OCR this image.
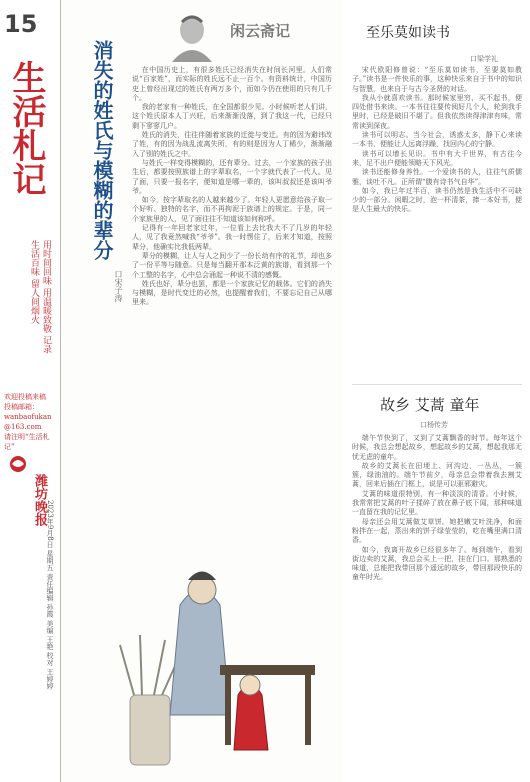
15
生活札记
用时间回味 用温暖致敬 记录生活百味 留人间烟火
欢迎投稿来稿
投稿邮箱：
wanbaofukan@163.com
请注明“生活札记”
潍坊晚报 2023年9月8日 星期五 责任编辑 孙霞 美编 王艳 校对 王婷婷
闲云斋记
消失的姓氏与模糊的辈分
口宋子涛

在中国历史上，有很多姓氏已经消失在时间长河里。人们常说“百家姓”，而实际的姓氏远不止一百个。有资料统计，中国历史上曾经出现过的姓氏有两万多个，而如今仍在使用的只有几千个。

我的老家有一种姓氏，在全国都很少见。小时候听老人们讲，这个姓氏原本人丁兴旺，后来渐渐没落，到了我这一代，已经只剩下寥寥几户。

姓氏的消失，往往伴随着家族的迁徙与变迁。有的因为避讳改了姓，有的因为战乱流离失所，有的则是因为人丁稀少，渐渐融入了别的姓氏之中。

与姓氏一样变得模糊的，还有辈分。过去，一个家族的孩子出生后，都要按照族谱上的字辈取名，一个字就代表了一代人。见了面，只要一报名字，便知道是哪一辈的，该叫叔叔还是该叫爷爷。

如今，按字辈取名的人越来越少了。年轻人更愿意给孩子取一个好听、独特的名字，而不再拘泥于族谱上的规定。于是，同一个家族里的人，见了面往往不知道该如何称呼。

记得有一年回老家过年，一位看上去比我大不了几岁的年轻人，见了我竟然喊我“爷爷”。我一时愣住了，后来才知道，按照辈分，他确实比我低两辈。

辈分的模糊，让人与人之间少了一份长幼有序的礼节，却也多了一份平等与随意。只是每当翻开那本泛黄的族谱，看到那一个个工整的名字，心中总会涌起一种说不清的感慨。

姓氏也好，辈分也罢，都是一个家族记忆的载体。它们的消失与模糊，是时代变迁的必然，也提醒着我们，不要忘记自己从哪里来。

至乐莫如读书
口梁学礼

宋代欧阳修曾说：“至乐莫如读书，至要莫如教子。”读书是一件快乐的事，这种快乐来自于书中的知识与智慧，也来自于与古今圣贤的对话。

我从小就喜欢读书。那时候家里穷，买不起书，便四处借书来读。一本书往往要传阅好几个人，轮到我手里时，已经是破旧不堪了。但我依然读得津津有味，常常读到深夜。

读书可以明志。当今社会，诱惑太多，静下心来读一本书，便能让人远离浮躁，找回内心的宁静。

读书可以增长见识。书中有大千世界，有古往今来，足不出户便能领略天下风光。

读书还能修身养性。一个爱读书的人，往往气质儒雅，谈吐不凡。正所谓“腹有诗书气自华”。

如今，我已年过半百，读书仍然是我生活中不可缺少的一部分。闲暇之时，泡一杯清茶，捧一本好书，便是人生最大的快乐。

故乡 艾蒿 童年
口杨传芳

端午节快到了，又到了艾蒿飘香的时节。每年这个时候，我总会想起故乡，想起故乡的艾蒿，想起我那无忧无虑的童年。

故乡的艾蒿长在田埂上、河沟边，一丛丛，一簇簇，绿油油的。端午节前夕，母亲总会带着我去割艾蒿，回来后插在门框上，说是可以驱邪避灾。

艾蒿的味道很特别，有一种淡淡的清香。小时候，我常常把艾蒿的叶子揉碎了放在鼻子底下闻，那种味道一直留在我的记忆里。

母亲还会用艾蒿做艾草饼。她把嫩艾叶洗净，和面粉拌在一起，蒸出来的饼子绿莹莹的，吃在嘴里满口清香。

如今，我离开故乡已经很多年了。每到端午，看到街边卖的艾蒿，我总会买上一把，挂在门口。那熟悉的味道，总能把我带回那个遥远的故乡，带回那段快乐的童年时光。
